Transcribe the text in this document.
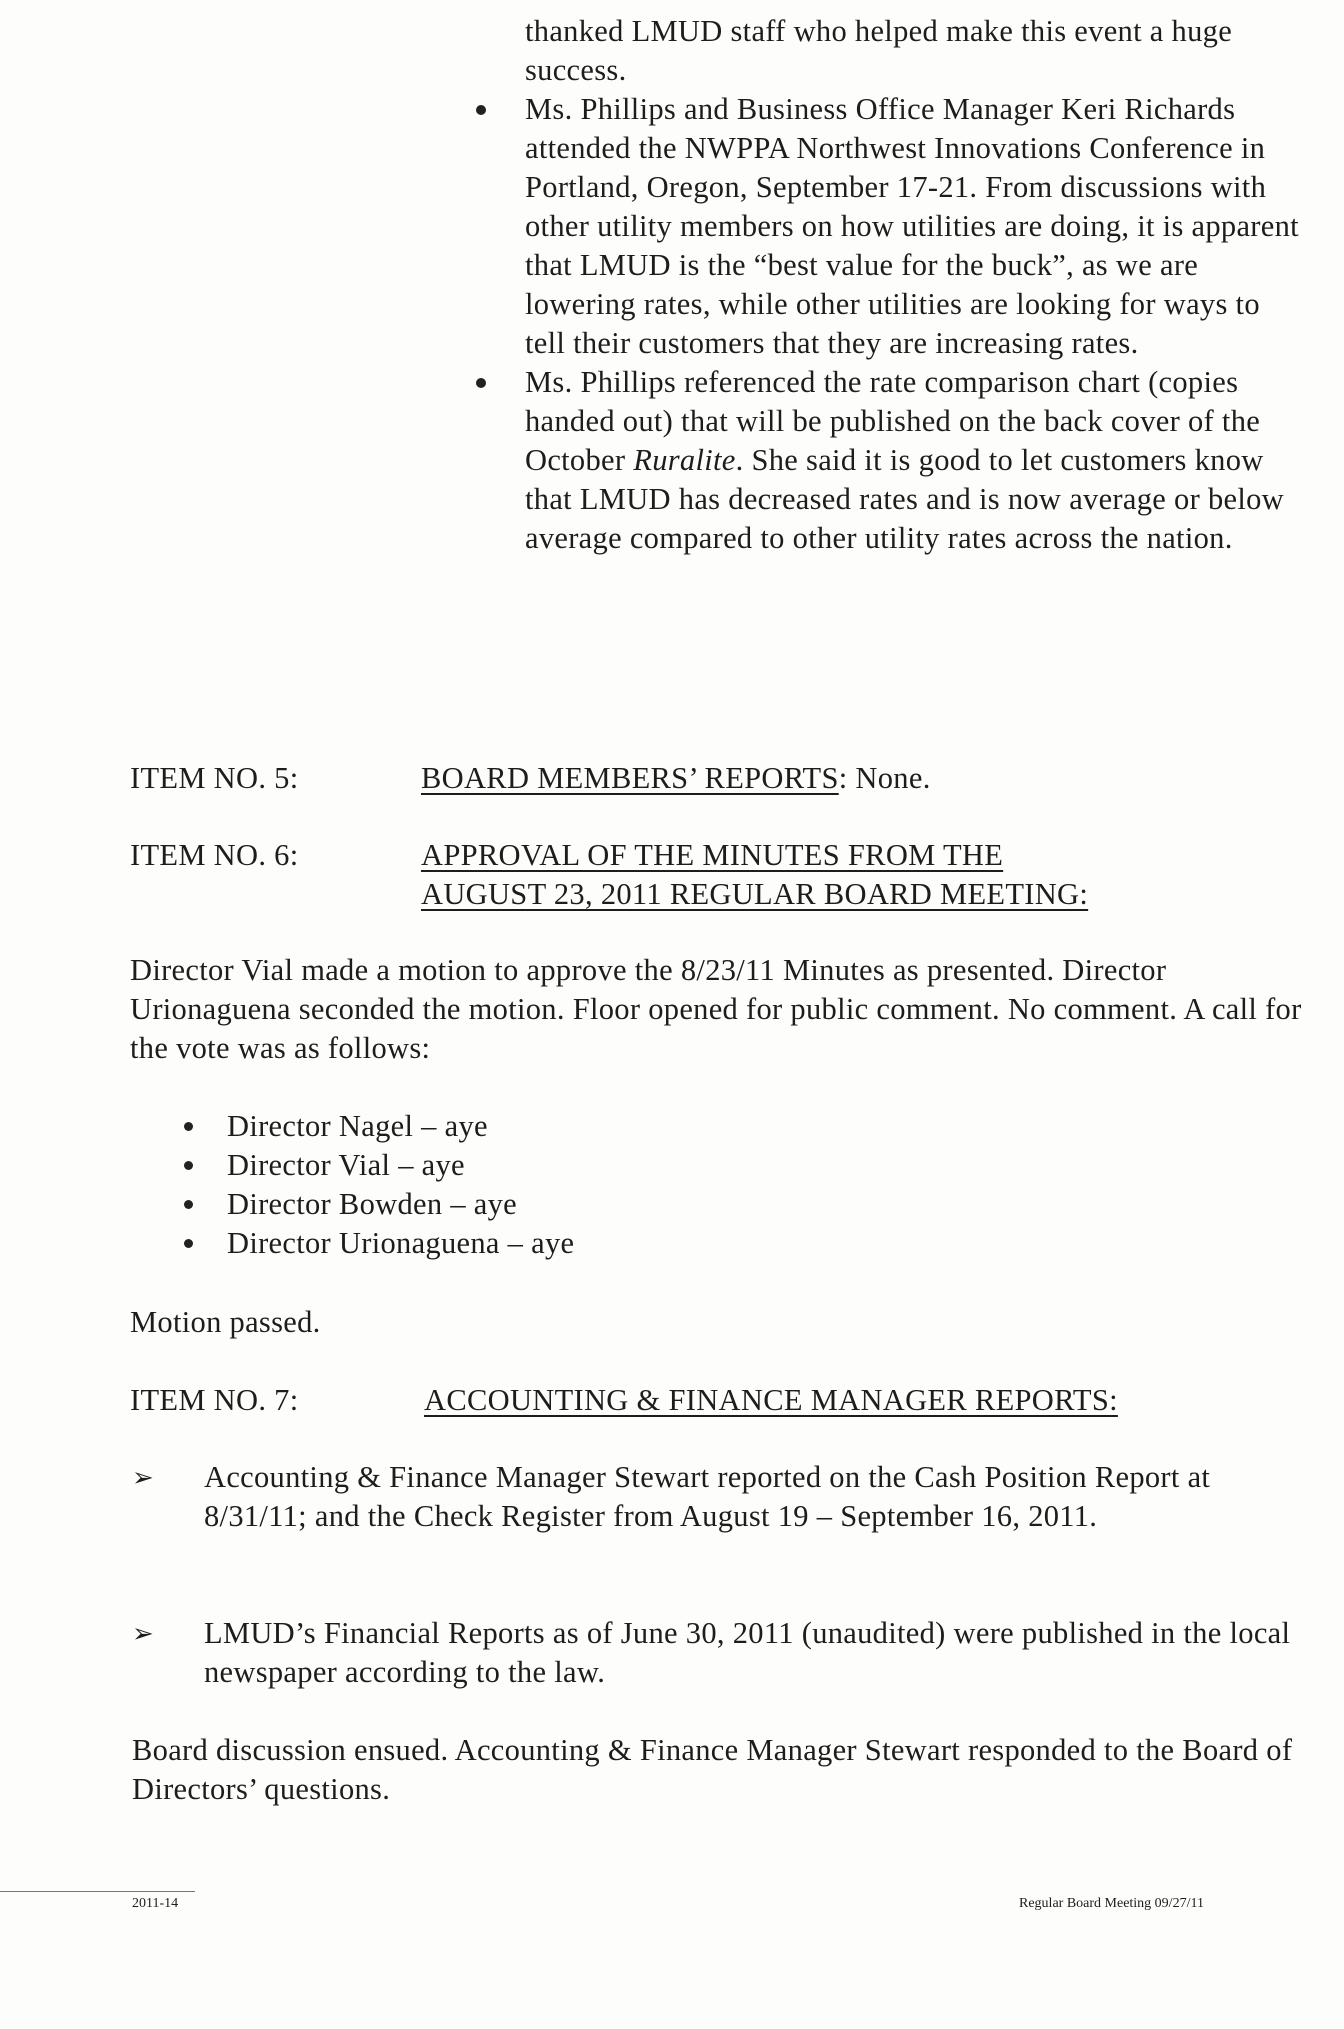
thanked LMUD staff who helped make this event a huge success.
Ms. Phillips and Business Office Manager Keri Richards attended the NWPPA Northwest Innovations Conference in Portland, Oregon, September 17-21. From discussions with other utility members on how utilities are doing, it is apparent that LMUD is the “best value for the buck”, as we are lowering rates, while other utilities are looking for ways to tell their customers that they are increasing rates.
Ms. Phillips referenced the rate comparison chart (copies handed out) that will be published on the back cover of the October Ruralite. She said it is good to let customers know that LMUD has decreased rates and is now average or below average compared to other utility rates across the nation.
ITEM NO. 5:	BOARD MEMBERS’ REPORTS: None.
ITEM NO. 6:	APPROVAL OF THE MINUTES FROM THE
AUGUST 23, 2011 REGULAR BOARD MEETING:
Director Vial made a motion to approve the 8/23/11 Minutes as presented. Director Urionaguena seconded the motion. Floor opened for public comment. No comment. A call for the vote was as follows:
Director Nagel – aye
Director Vial – aye
Director Bowden – aye
Director Urionaguena – aye
Motion passed.
ITEM NO. 7:	ACCOUNTING & FINANCE MANAGER REPORTS:
➢ Accounting & Finance Manager Stewart reported on the Cash Position Report at 8/31/11; and the Check Register from August 19 – September 16, 2011.
➢ LMUD’s Financial Reports as of June 30, 2011 (unaudited) were published in the local newspaper according to the law.
Board discussion ensued. Accounting & Finance Manager Stewart responded to the Board of Directors’ questions.
2011-14	Regular Board Meeting 09/27/11
